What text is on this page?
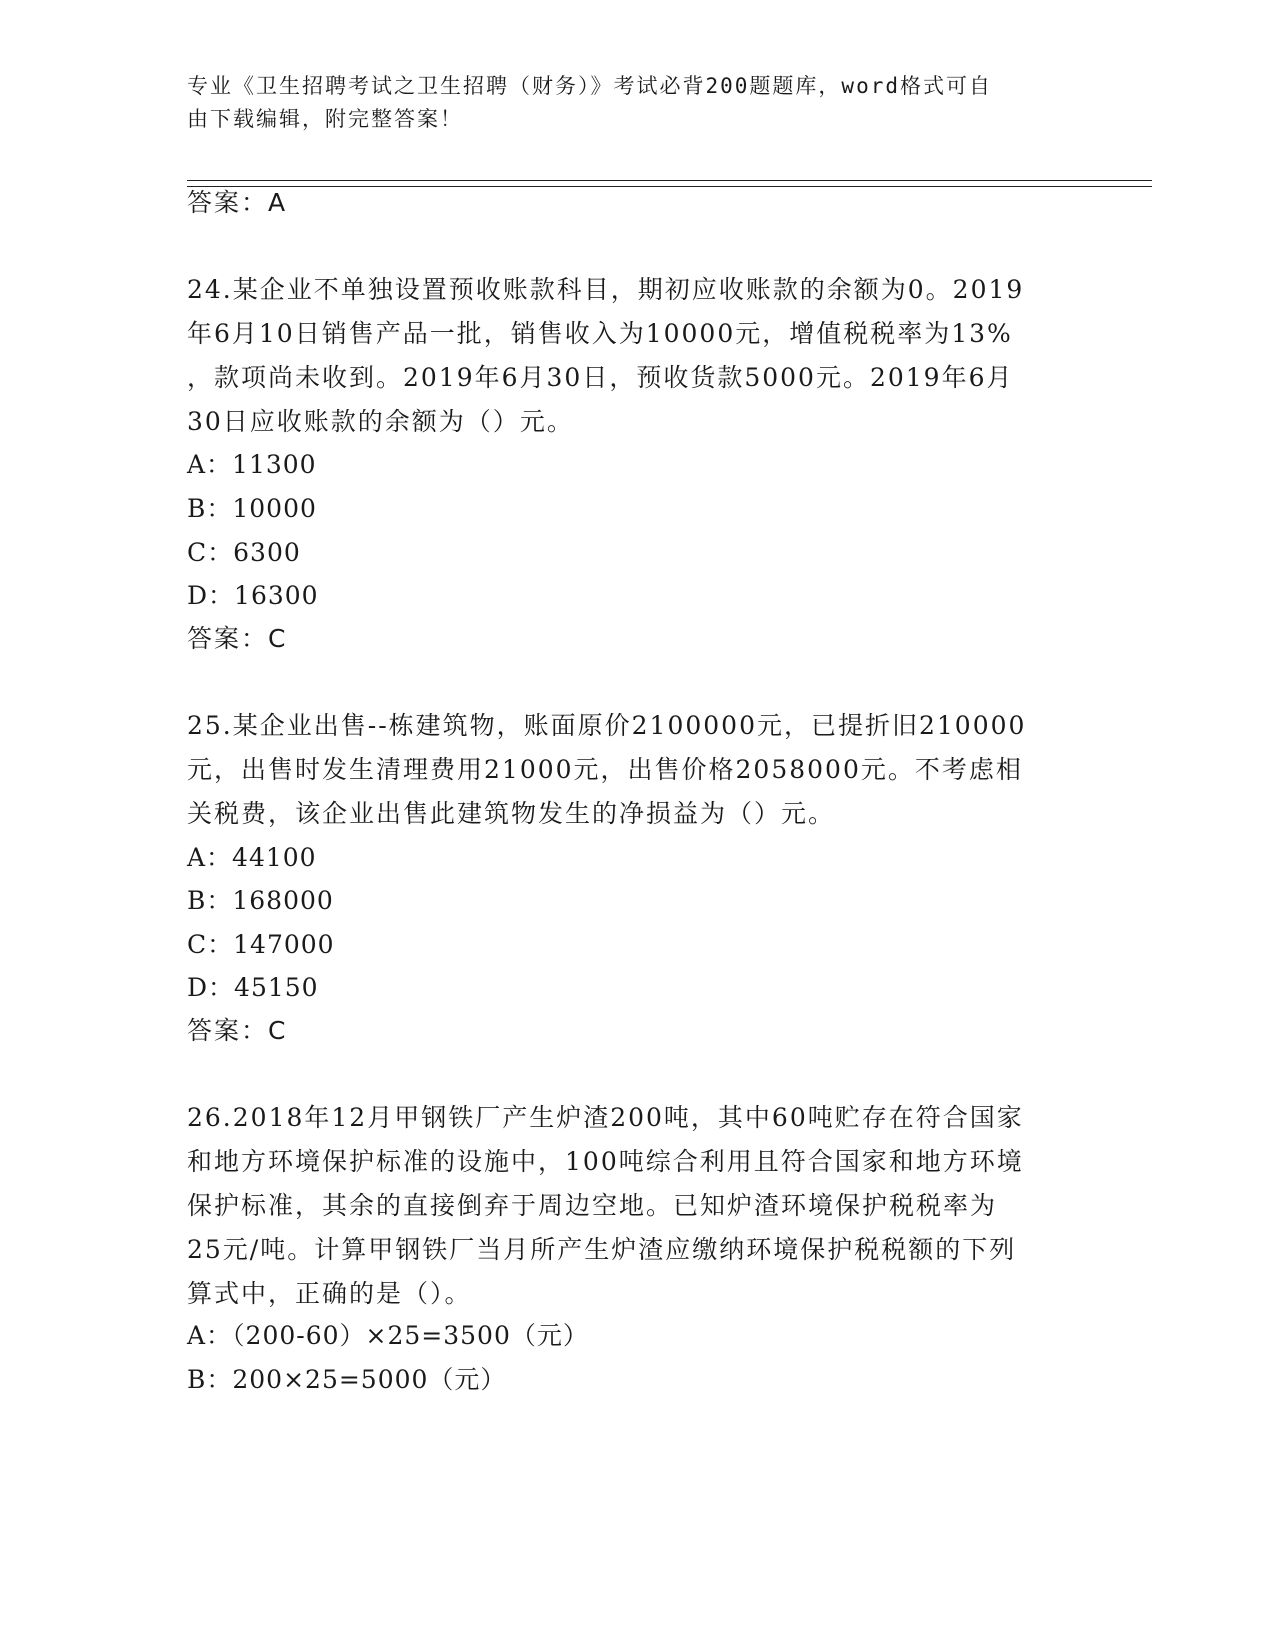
专业《卫生招聘考试之卫生招聘（财务）》考试必背200题题库，word格式可自
由下载编辑，附完整答案！
答案：A
24.某企业不单独设置预收账款科目，期初应收账款的余额为0。2019
年6月10日销售产品一批，销售收入为10000元，增值税税率为13%
，款项尚未收到。2019年6月30日，预收货款5000元。2019年6月
30日应收账款的余额为（）元。
A：11300
B：10000
C：6300
D：16300
答案：C
25.某企业出售--栋建筑物，账面原价2100000元，已提折旧210000
元，出售时发生清理费用21000元，出售价格2058000元。不考虑相
关税费，该企业出售此建筑物发生的净损益为（）元。
A：44100
B：168000
C：147000
D：45150
答案：C
26.2018年12月甲钢铁厂产生炉渣200吨，其中60吨贮存在符合国家
和地方环境保护标准的设施中，100吨综合利用且符合国家和地方环境
保护标准，其余的直接倒弃于周边空地。已知炉渣环境保护税税率为
25元/吨。计算甲钢铁厂当月所产生炉渣应缴纳环境保护税税额的下列
算式中，正确的是（）。
A：（200-60）×25=3500（元）
B：200×25=5000（元）
